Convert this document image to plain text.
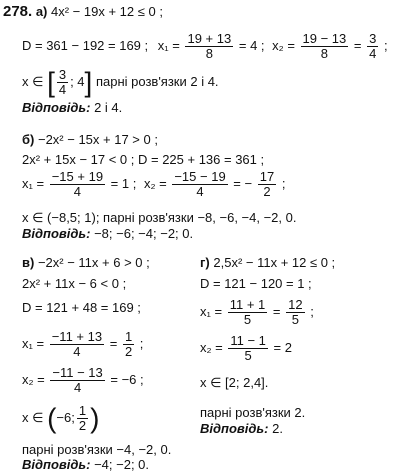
278. а) 4x² − 19x + 12 ≤ 0 ;
D = 361 − 192 = 169 ; $x_1 = \frac{19 + 13}{8} = 4$ ; $x_2 = \frac{19 - 13}{8} = \frac{3}{4}$ ;
x ∈ [ $\frac{3}{4}$ ; 4] парні розв'язки 2 і 4.
Відповідь: 2 і 4.
б) −2x² − 15x + 17 > 0 ;
2x² + 15x − 17 < 0 ; D = 225 + 136 = 361 ;
$x_1 = \frac{-15 + 19}{4} = 1$ ; $x_2 = \frac{-15 - 19}{4}$ = − $\frac{17}{2}$ ;
x ∈ (−8,5; 1); парні розв'язки −8, −6, −4, −2, 0.
Відповідь: −8; −6; −4; −2; 0.
в) −2x² − 11x + 6 > 0 ;
2x² + 11x − 6 < 0 ;
D = 121 + 48 = 169 ;
$x_1 = \frac{-11 + 13}{4} = \frac{1}{2}$ ;
$x_2 = \frac{-11 - 13}{4} = -6$ ;
x ∈ (−6; $\frac{1}{2}$ )
парні розв'язки −4, −2, 0.
Відповідь: −4; −2; 0.
г) 2,5x² − 11x + 12 ≤ 0 ;
D = 121 − 120 = 1 ;
$x_1 = \frac{11 + 1}{5} = \frac{12}{5}$ ;
$x_2 = \frac{11 - 1}{5} = 2$
x ∈ [2; 2,4].
парні розв'язки 2.
Відповідь: 2.
